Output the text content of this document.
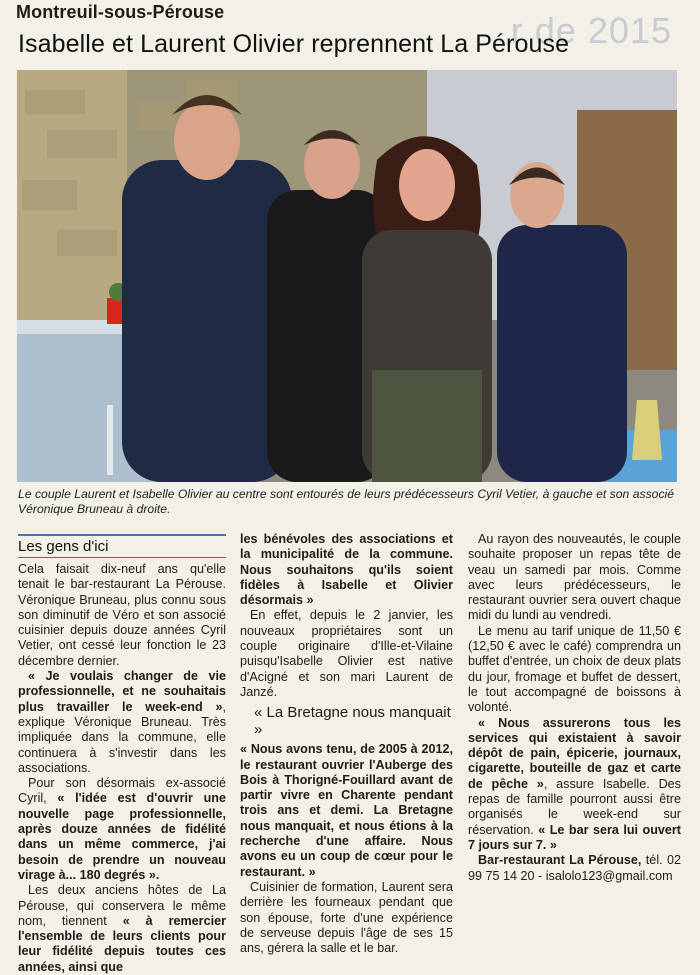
r de 2015
Montreuil-sous-Pérouse
Isabelle et Laurent Olivier reprennent La Pérouse
Le couple Laurent et Isabelle Olivier au centre sont entourés de leurs prédécesseurs Cyril Vetier, à gauche et son associé Véronique Bruneau à droite.
Les gens d'ici

Cela faisait dix-neuf ans qu'elle tenait le bar-restaurant La Pérouse. Véronique Bruneau, plus connu sous son diminutif de Véro et son associé cuisinier depuis douze années Cyril Vetier, ont cessé leur fonction le 23 décembre dernier.

« Je voulais changer de vie professionnelle, et ne souhaitais plus travailler le week-end », explique Véronique Bruneau. Très impliquée dans la commune, elle continuera à s'investir dans les associations.

Pour son désormais ex-associé Cyril, « l'idée est d'ouvrir une nouvelle page professionnelle, après douze années de fidélité dans un même commerce, j'ai besoin de prendre un nouveau virage à... 180 degrés ».

Les deux anciens hôtes de La Pérouse, qui conservera le même nom, tiennent « à remercier l'ensemble de leurs clients pour leur fidélité depuis toutes ces années, ainsi que

les bénévoles des associations et la municipalité de la commune. Nous souhaitons qu'ils soient fidèles à Isabelle et Olivier désormais »

En effet, depuis le 2 janvier, les nouveaux propriétaires sont un couple originaire d'Ille-et-Vilaine puisqu'Isabelle Olivier est native d'Acigné et son mari Laurent de Janzé.

« La Bretagne nous manquait »

« Nous avons tenu, de 2005 à 2012, le restaurant ouvrier l'Auberge des Bois à Thorigné-Fouillard avant de partir vivre en Charente pendant trois ans et demi. La Bretagne nous manquait, et nous étions à la recherche d'une affaire. Nous avons eu un coup de cœur pour le restaurant. »

Cuisinier de formation, Laurent sera derrière les fourneaux pendant que son épouse, forte d'une expérience de serveuse depuis l'âge de ses 15 ans, gérera la salle et le bar.

Au rayon des nouveautés, le couple souhaite proposer un repas tête de veau un samedi par mois. Comme avec leurs prédécesseurs, le restaurant ouvrier sera ouvert chaque midi du lundi au vendredi.

Le menu au tarif unique de 11,50 € (12,50 € avec le café) comprendra un buffet d'entrée, un choix de deux plats du jour, fromage et buffet de dessert, le tout accompagné de boissons à volonté.

« Nous assurerons tous les services qui existaient à savoir dépôt de pain, épicerie, journaux, cigarette, bouteille de gaz et carte de pêche », assure Isabelle. Des repas de famille pourront aussi être organisés le week-end sur réservation. « Le bar sera lui ouvert 7 jours sur 7. »

Bar-restaurant La Pérouse, tél. 02 99 75 14 20 - isalolo123@gmail.com
